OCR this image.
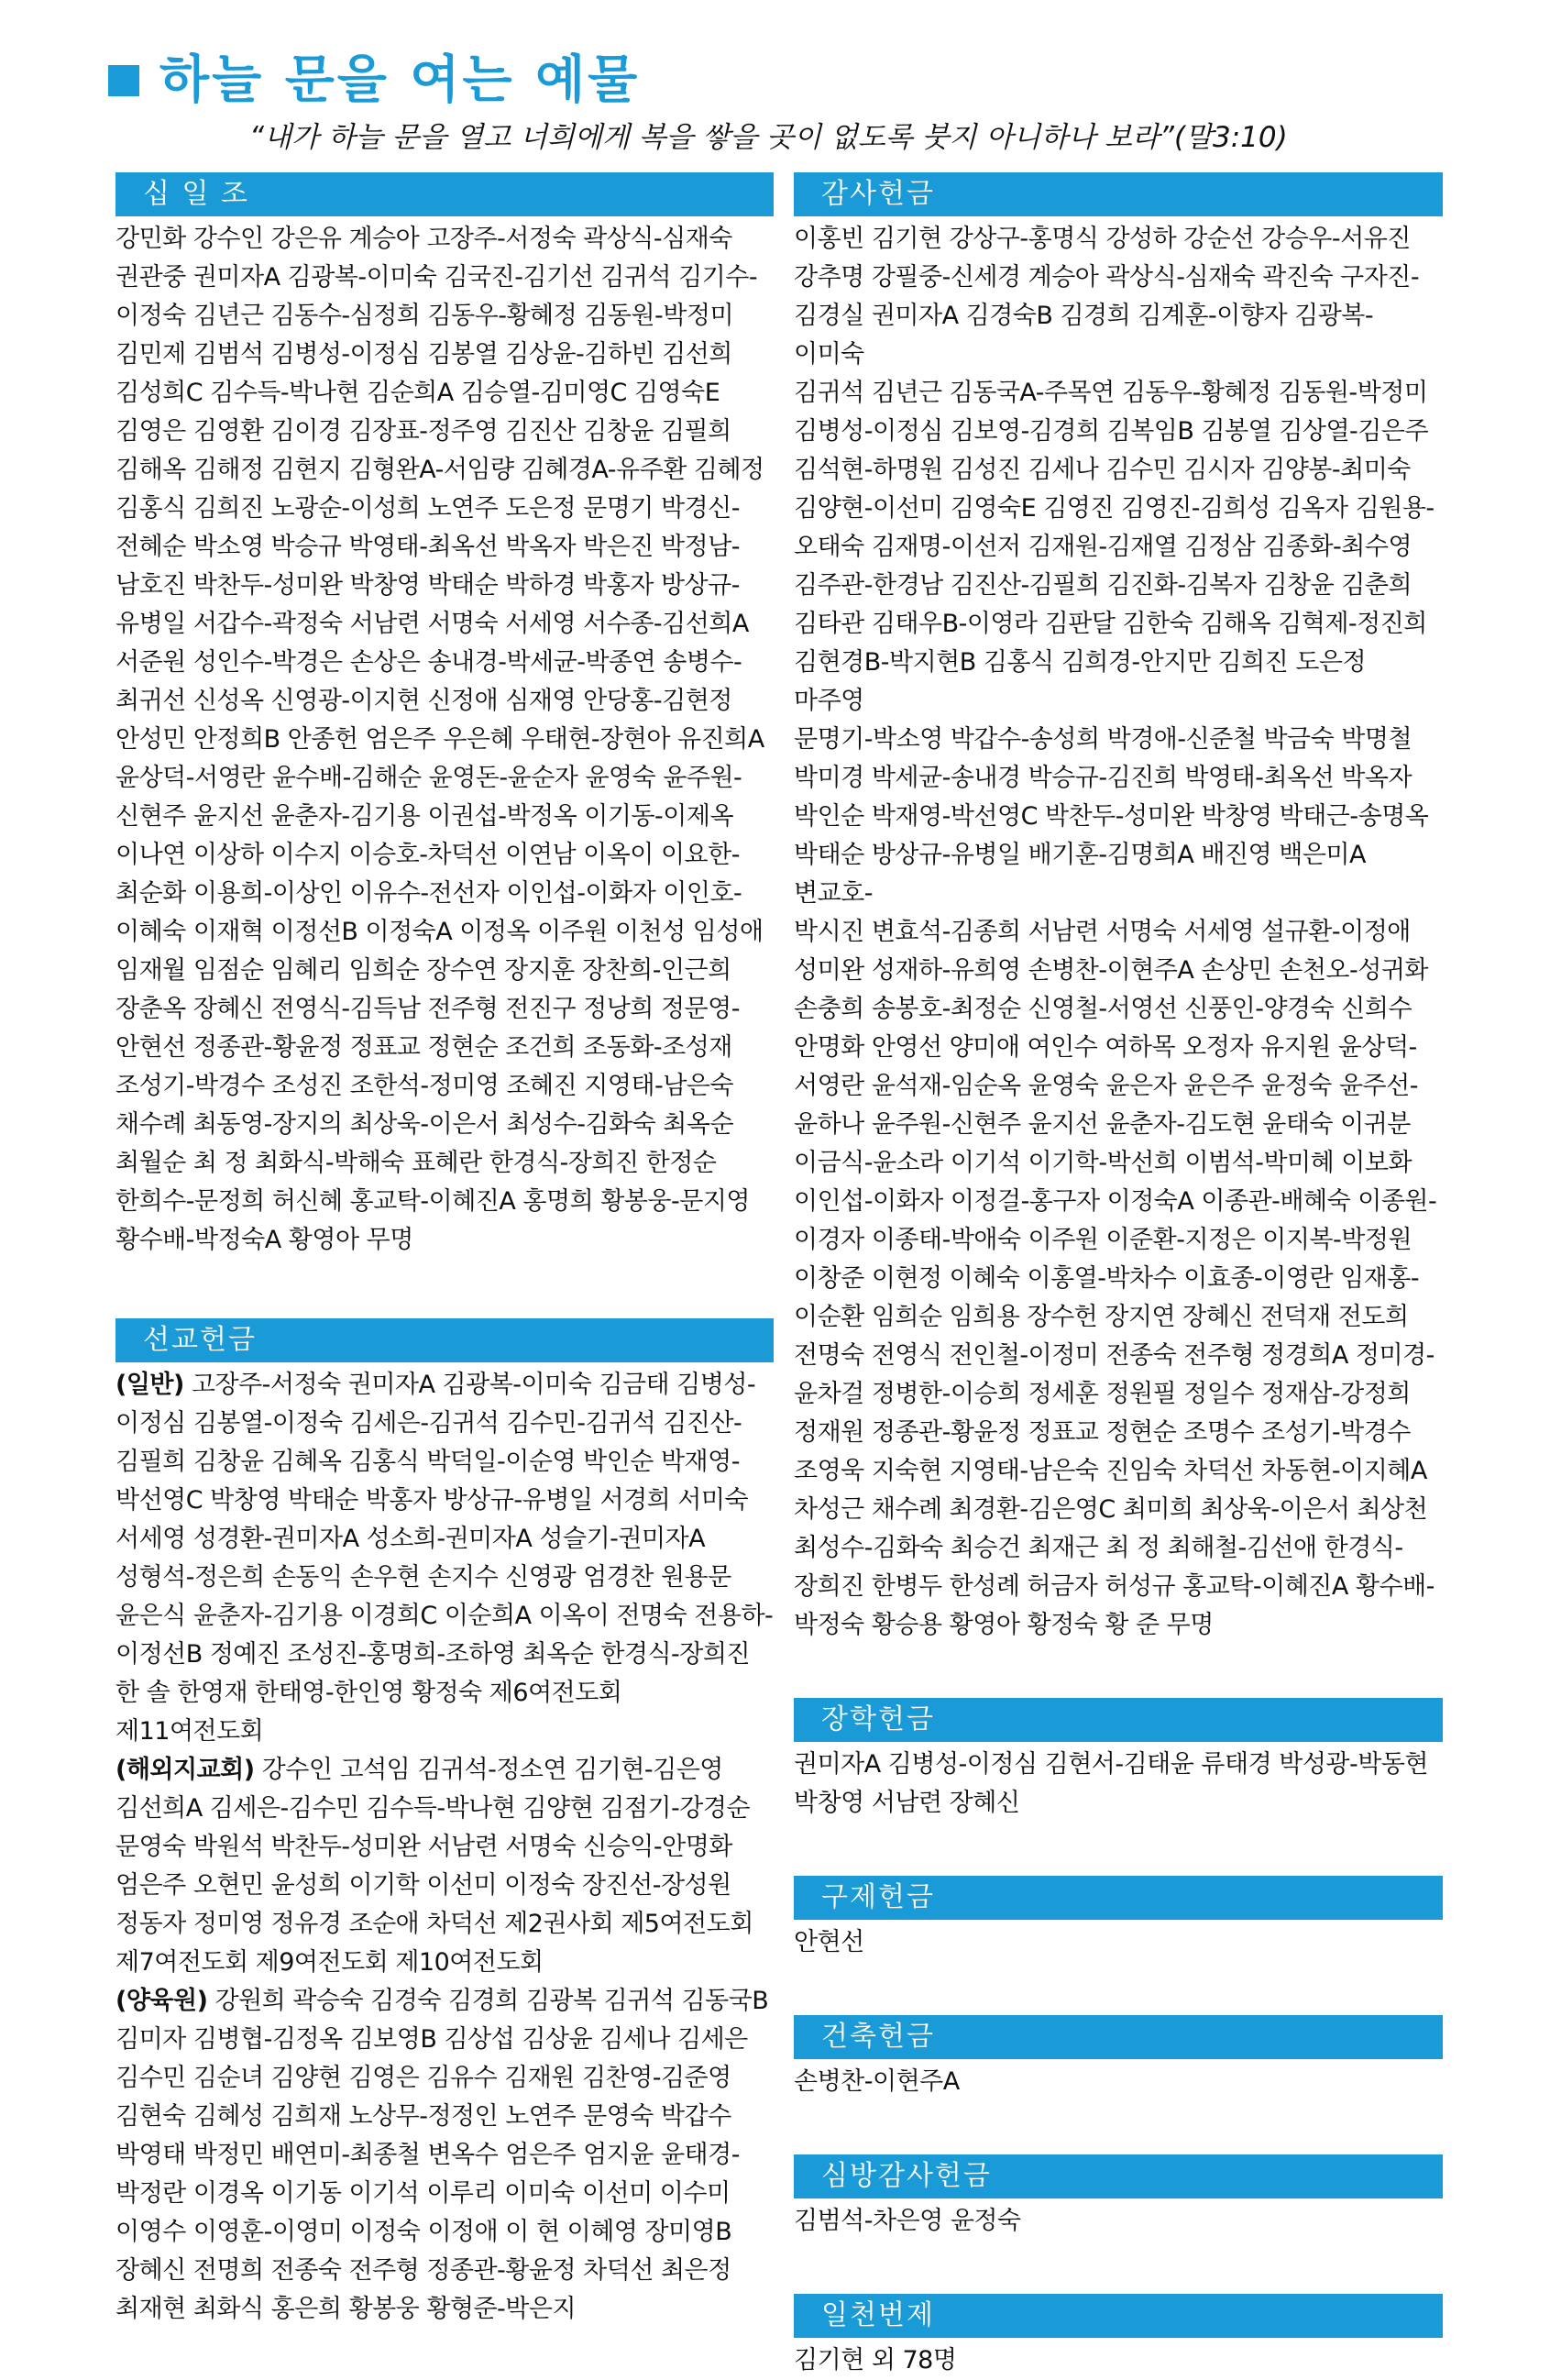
하늘 문을 여는 예물
“내가 하늘 문을 열고 너희에게 복을 쌓을 곳이 없도록 붓지 아니하나 보라”(말3:10)
십 일 조
강민화 강수인 강은유 계승아 고장주-서정숙 곽상식-심재숙
권관중 권미자A 김광복-이미숙 김국진-김기선 김귀석 김기수-
이정숙 김년근 김동수-심정희 김동우-황혜정 김동원-박정미
김민제 김범석 김병성-이정심 김봉열 김상윤-김하빈 김선희
김성희C 김수득-박나현 김순희A 김승열-김미영C 김영숙E
김영은 김영환 김이경 김장표-정주영 김진산 김창윤 김필희
김해옥 김해정 김현지 김형완A-서임량 김혜경A-유주환 김혜정
김홍식 김희진 노광순-이성희 노연주 도은정 문명기 박경신-
전혜순 박소영 박승규 박영태-최옥선 박옥자 박은진 박정남-
남호진 박찬두-성미완 박창영 박태순 박하경 박홍자 방상규-
유병일 서갑수-곽정숙 서남련 서명숙 서세영 서수종-김선희A
서준원 성인수-박경은 손상은 송내경-박세균-박종연 송병수-
최귀선 신성옥 신영광-이지현 신정애 심재영 안당홍-김현정
안성민 안정희B 안종헌 엄은주 우은혜 우태현-장현아 유진희A
윤상덕-서영란 윤수배-김해순 윤영돈-윤순자 윤영숙 윤주원-
신현주 윤지선 윤춘자-김기용 이권섭-박정옥 이기동-이제옥
이나연 이상하 이수지 이승호-차덕선 이연남 이옥이 이요한-
최순화 이용희-이상인 이유수-전선자 이인섭-이화자 이인호-
이혜숙 이재혁 이정선B 이정숙A 이정옥 이주원 이천성 임성애
임재월 임점순 임혜리 임희순 장수연 장지훈 장찬희-인근희
장춘옥 장혜신 전영식-김득남 전주형 전진구 정낭희 정문영-
안현선 정종관-황윤정 정표교 정현순 조건희 조동화-조성재
조성기-박경수 조성진 조한석-정미영 조혜진 지영태-남은숙
채수례 최동영-장지의 최상욱-이은서 최성수-김화숙 최옥순
최월순 최 정 최화식-박해숙 표혜란 한경식-장희진 한정순
한희수-문정희 허신혜 홍교탁-이혜진A 홍명희 황봉웅-문지영
황수배-박정숙A 황영아 무명
선교헌금
(일반) 고장주-서정숙 권미자A 김광복-이미숙 김금태 김병성-
이정심 김봉열-이정숙 김세은-김귀석 김수민-김귀석 김진산-
김필희 김창윤 김혜옥 김홍식 박덕일-이순영 박인순 박재영-
박선영C 박창영 박태순 박홍자 방상규-유병일 서경희 서미숙
서세영 성경환-권미자A 성소희-권미자A 성슬기-권미자A
성형석-정은희 손동익 손우현 손지수 신영광 엄경찬 원용문
윤은식 윤춘자-김기용 이경희C 이순희A 이옥이 전명숙 전용하-
이정선B 정예진 조성진-홍명희-조하영 최옥순 한경식-장희진
한 솔 한영재 한태영-한인영 황정숙 제6여전도회 제11여전도회
(해외지교회) 강수인 고석임 김귀석-정소연 김기현-김은영
김선희A 김세은-김수민 김수득-박나현 김양현 김점기-강경순
문영숙 박원석 박찬두-성미완 서남련 서명숙 신승익-안명화
엄은주 오현민 윤성희 이기학 이선미 이정숙 장진선-장성원
정동자 정미영 정유경 조순애 차덕선 제2권사회 제5여전도회
제7여전도회 제9여전도회 제10여전도회
(양육원) 강원희 곽승숙 김경숙 김경희 김광복 김귀석 김동국B
김미자 김병협-김정옥 김보영B 김상섭 김상윤 김세나 김세은
김수민 김순녀 김양현 김영은 김유수 김재원 김찬영-김준영
김현숙 김혜성 김희재 노상무-정정인 노연주 문영숙 박갑수
박영태 박정민 배연미-최종철 변옥수 엄은주 엄지윤 윤태경-
박정란 이경옥 이기동 이기석 이루리 이미숙 이선미 이수미
이영수 이영훈-이영미 이정숙 이정애 이 현 이혜영 장미영B
장혜신 전명희 전종숙 전주형 정종관-황윤정 차덕선 최은정
최재현 최화식 홍은희 황봉웅 황형준-박은지
감사헌금
이홍빈 김기현 강상구-홍명식 강성하 강순선 강승우-서유진
강추명 강필중-신세경 계승아 곽상식-심재숙 곽진숙 구자진-
김경실 권미자A 김경숙B 김경희 김계훈-이향자 김광복-이미숙
김귀석 김년근 김동국A-주목연 김동우-황혜정 김동원-박정미
김병성-이정심 김보영-김경희 김복임B 김봉열 김상열-김은주
김석현-하명원 김성진 김세나 김수민 김시자 김양봉-최미숙
김양현-이선미 김영숙E 김영진 김영진-김희성 김옥자 김원용-
오태숙 김재명-이선저 김재원-김재열 김정삼 김종화-최수영
김주관-한경남 김진산-김필희 김진화-김복자 김창윤 김춘희
김타관 김태우B-이영라 김판달 김한숙 김해옥 김혁제-정진희
김현경B-박지현B 김홍식 김희경-안지만 김희진 도은정 마주영
문명기-박소영 박갑수-송성희 박경애-신준철 박금숙 박명철
박미경 박세균-송내경 박승규-김진희 박영태-최옥선 박옥자
박인순 박재영-박선영C 박찬두-성미완 박창영 박태근-송명옥
박태순 방상규-유병일 배기훈-김명희A 배진영 백은미A 변교호-
박시진 변효석-김종희 서남련 서명숙 서세영 설규환-이정애
성미완 성재하-유희영 손병찬-이현주A 손상민 손천오-성귀화
손충희 송봉호-최정순 신영철-서영선 신풍인-양경숙 신희수
안명화 안영선 양미애 여인수 여하목 오정자 유지원 윤상덕-
서영란 윤석재-임순옥 윤영숙 윤은자 윤은주 윤정숙 윤주선-
윤하나 윤주원-신현주 윤지선 윤춘자-김도현 윤태숙 이귀분
이금식-윤소라 이기석 이기학-박선희 이범석-박미혜 이보화
이인섭-이화자 이정걸-홍구자 이정숙A 이종관-배혜숙 이종원-
이경자 이종태-박애숙 이주원 이준환-지정은 이지복-박정원
이창준 이현정 이혜숙 이홍열-박차수 이효종-이영란 임재홍-
이순환 임희순 임희용 장수헌 장지연 장혜신 전덕재 전도희
전명숙 전영식 전인철-이정미 전종숙 전주형 정경희A 정미경-
윤차걸 정병한-이승희 정세훈 정원필 정일수 정재삼-강정희
정재원 정종관-황윤정 정표교 정현순 조명수 조성기-박경수
조영욱 지숙현 지영태-남은숙 진임숙 차덕선 차동현-이지혜A
차성근 채수례 최경환-김은영C 최미희 최상욱-이은서 최상천
최성수-김화숙 최승건 최재근 최 정 최해철-김선애 한경식-
장희진 한병두 한성례 허금자 허성규 홍교탁-이혜진A 황수배-
박정숙 황승용 황영아 황정숙 황 준 무명
장학헌금
권미자A 김병성-이정심 김현서-김태윤 류태경 박성광-박동현
박창영 서남련 장혜신
구제헌금
안현선
건축헌금
손병찬-이현주A
심방감사헌금
김범석-차은영 윤정숙
일천번제
김기현 외 78명
